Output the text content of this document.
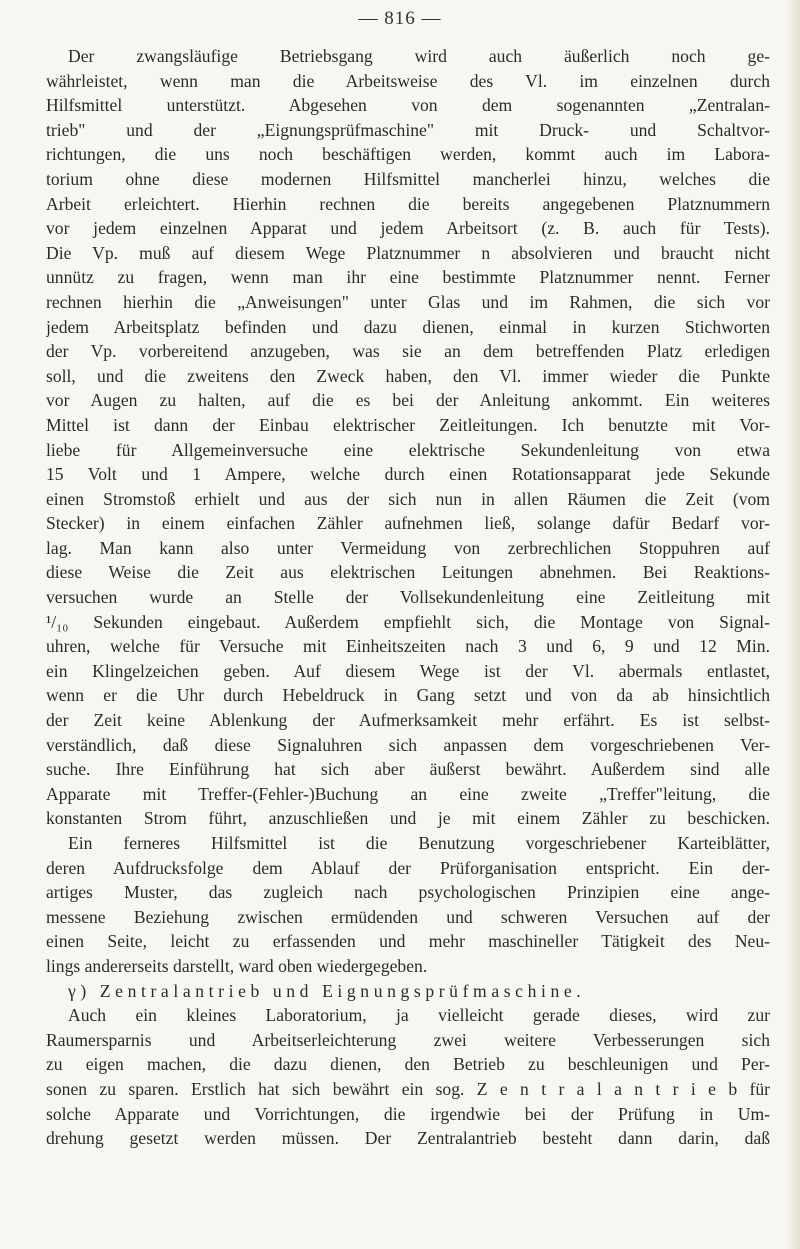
— 816 —
Der zwangsläufige Betriebsgang wird auch äußerlich noch ge-
währleistet, wenn man die Arbeitsweise des Vl. im einzelnen durch
Hilfsmittel unterstützt. Abgesehen von dem sogenannten „Zentralan-
trieb" und der „Eignungsprüfmaschine" mit Druck- und Schaltvor-
richtungen, die uns noch beschäftigen werden, kommt auch im Labora-
torium ohne diese modernen Hilfsmittel mancherlei hinzu, welches die
Arbeit erleichtert. Hierhin rechnen die bereits angegebenen Platznummern
vor jedem einzelnen Apparat und jedem Arbeitsort (z. B. auch für Tests).
Die Vp. muß auf diesem Wege Platznummer n absolvieren und braucht nicht
unnütz zu fragen, wenn man ihr eine bestimmte Platznummer nennt. Ferner
rechnen hierhin die „Anweisungen" unter Glas und im Rahmen, die sich vor
jedem Arbeitsplatz befinden und dazu dienen, einmal in kurzen Stichworten
der Vp. vorbereitend anzugeben, was sie an dem betreffenden Platz erledigen
soll, und die zweitens den Zweck haben, den Vl. immer wieder die Punkte
vor Augen zu halten, auf die es bei der Anleitung ankommt. Ein weiteres
Mittel ist dann der Einbau elektrischer Zeitleitungen. Ich benutzte mit Vor-
liebe für Allgemeinversuche eine elektrische Sekundenleitung von etwa
15 Volt und 1 Ampere, welche durch einen Rotationsapparat jede Sekunde
einen Stromstoß erhielt und aus der sich nun in allen Räumen die Zeit (vom
Stecker) in einem einfachen Zähler aufnehmen ließ, solange dafür Bedarf vor-
lag. Man kann also unter Vermeidung von zerbrechlichen Stoppuhren auf
diese Weise die Zeit aus elektrischen Leitungen abnehmen. Bei Reaktions-
versuchen wurde an Stelle der Vollsekundenleitung eine Zeitleitung mit
¹/₁₀ Sekunden eingebaut. Außerdem empfiehlt sich, die Montage von Signal-
uhren, welche für Versuche mit Einheitszeiten nach 3 und 6, 9 und 12 Min.
ein Klingelzeichen geben. Auf diesem Wege ist der Vl. abermals entlastet,
wenn er die Uhr durch Hebeldruck in Gang setzt und von da ab hinsichtlich
der Zeit keine Ablenkung der Aufmerksamkeit mehr erfährt. Es ist selbst-
verständlich, daß diese Signaluhren sich anpassen dem vorgeschriebenen Ver-
suche. Ihre Einführung hat sich aber äußerst bewährt. Außerdem sind alle
Apparate mit Treffer-(Fehler-)Buchung an eine zweite „Treffer"leitung, die
konstanten Strom führt, anzuschließen und je mit einem Zähler zu beschicken.
Ein ferneres Hilfsmittel ist die Benutzung vorgeschriebener Karteiblätter,
deren Aufdrucksfolge dem Ablauf der Prüforganisation entspricht. Ein der-
artiges Muster, das zugleich nach psychologischen Prinzipien eine ange-
messene Beziehung zwischen ermüdenden und schweren Versuchen auf der
einen Seite, leicht zu erfassenden und mehr maschineller Tätigkeit des Neu-
lings andererseits darstellt, ward oben wiedergegeben.
γ) Zentralantrieb und Eignungsprüfmaschine.
Auch ein kleines Laboratorium, ja vielleicht gerade dieses, wird zur
Raumersparnis und Arbeitserleichterung zwei weitere Verbesserungen sich
zu eigen machen, die dazu dienen, den Betrieb zu beschleunigen und Per-
sonen zu sparen. Erstlich hat sich bewährt ein sog. Z e n t r a l a n t r i e b für
solche Apparate und Vorrichtungen, die irgendwie bei der Prüfung in Um-
drehung gesetzt werden müssen. Der Zentralantrieb besteht dann darin, daß
